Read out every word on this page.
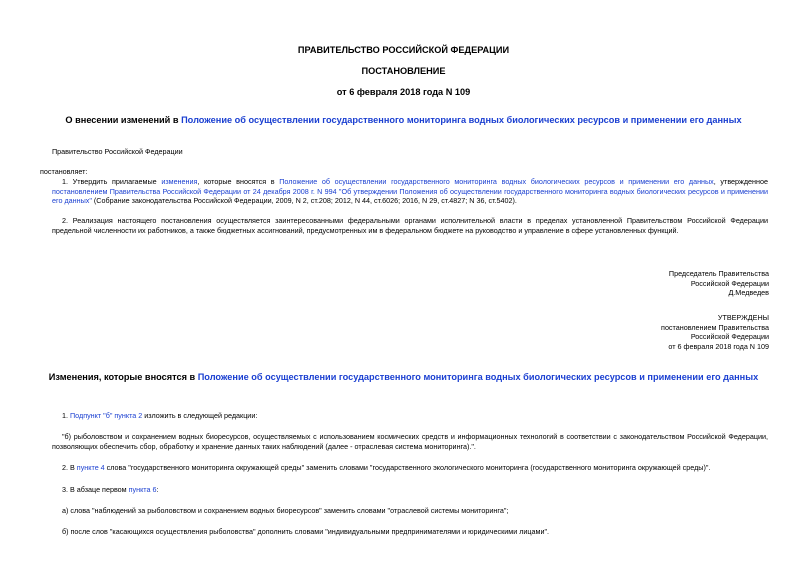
ПРАВИТЕЛЬСТВО РОССИЙСКОЙ ФЕДЕРАЦИИ
ПОСТАНОВЛЕНИЕ
от 6 февраля 2018 года N 109
О внесении изменений в Положение об осуществлении государственного мониторинга водных биологических ресурсов и применении его данных
Правительство Российской Федерации
постановляет:

1. Утвердить прилагаемые изменения, которые вносятся в Положение об осуществлении государственного мониторинга водных биологических ресурсов и применении его данных, утвержденное постановлением Правительства Российской Федерации от 24 декабря 2008 г. N 994 "Об утверждении Положения об осуществлении государственного мониторинга водных биологических ресурсов и применении его данных" (Собрание законодательства Российской Федерации, 2009, N 2, ст.208; 2012, N 44, ст.6026; 2016, N 29, ст.4827; N 36, ст.5402).

2. Реализация настоящего постановления осуществляется заинтересованными федеральными органами исполнительной власти в пределах установленной Правительством Российской Федерации предельной численности их работников, а также бюджетных ассигнований, предусмотренных им в федеральном бюджете на руководство и управление в сфере установленных функций.

Председатель Правительства
Российской Федерации
Д.Медведев
УТВЕРЖДЕНЫ
постановлением Правительства
Российской Федерации
от 6 февраля 2018 года N 109
Изменения, которые вносятся в Положение об осуществлении государственного мониторинга водных биологических ресурсов и применении его данных

1. Подпункт "б" пункта 2 изложить в следующей редакции:

"б) рыболовством и сохранением водных биоресурсов, осуществляемых с использованием космических средств и информационных технологий в соответствии с законодательством Российской Федерации, позволяющих обеспечить сбор, обработку и хранение данных таких наблюдений (далее - отраслевая система мониторинга).".

2. В пункте 4 слова "государственного мониторинга окружающей среды" заменить словами "государственного экологического мониторинга (государственного мониторинга окружающей среды)".

3. В абзаце первом пункта 6:

а) слова "наблюдений за рыболовством и сохранением водных биоресурсов" заменить словами "отраслевой системы мониторинга";

б) после слов "касающихся осуществления рыболовства" дополнить словами "индивидуальными предпринимателями и юридическими лицами".
